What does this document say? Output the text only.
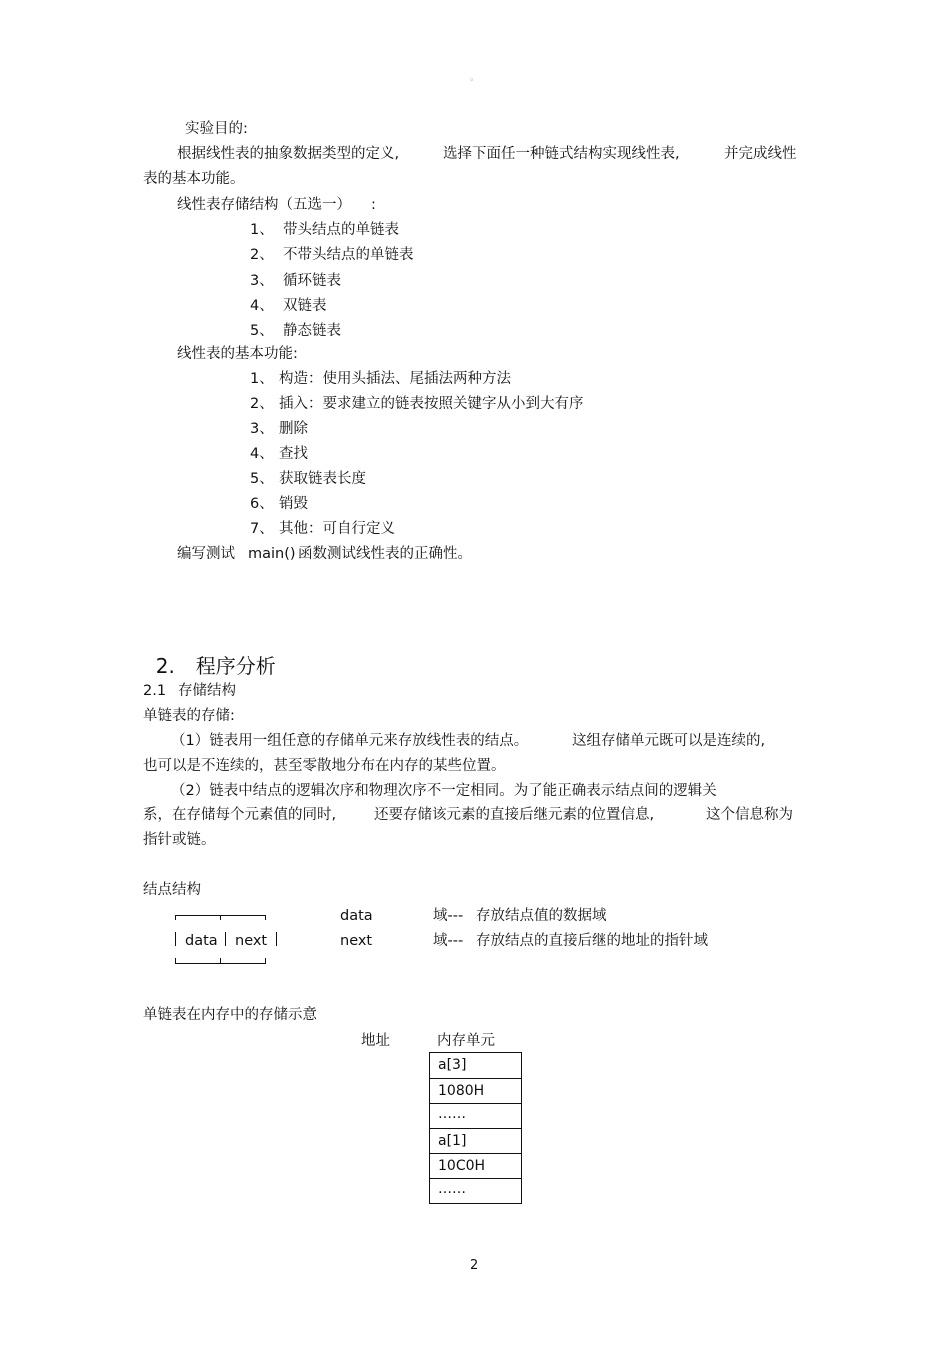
。
实验目的:
根据线性表的抽象数据类型的定义,	选择下面任一种链式结构实现线性表,	并完成线性
表的基本功能。
线性表存储结构（五选一） :
1、 带头结点的单链表
2、 不带头结点的单链表
3、 循环链表
4、 双链表
5、 静态链表
线性表的基本功能:
1、 构造：使用头插法、尾插法两种方法
2、 插入：要求建立的链表按照关键字从小到大有序
3、 删除
4、 查找
5、 获取链表长度
6、 销毁
7、 其他：可自行定义
编写测试 main() 函数测试线性表的正确性。

2. 程序分析

2.1 存储结构
单链表的存储:
（1）链表用一组任意的存储单元来存放线性表的结点。	这组存储单元既可以是连续的,
也可以是不连续的，甚至零散地分布在内存的某些位置。
（2）链表中结点的逻辑次序和物理次序不一定相同。为了能正确表示结点间的逻辑关
系，在存储每个元素值的同时,	还要存储该元素的直接后继元素的位置信息,	这个信息称为
指针或链。
结点结构
data next
data	域--- 存放结点值的数据域
next	域--- 存放结点的直接后继的地址的指针域
单链表在内存中的存储示意
地址	内存单元
a[3]
1080H
……
a[1]
10C0H
……
2
